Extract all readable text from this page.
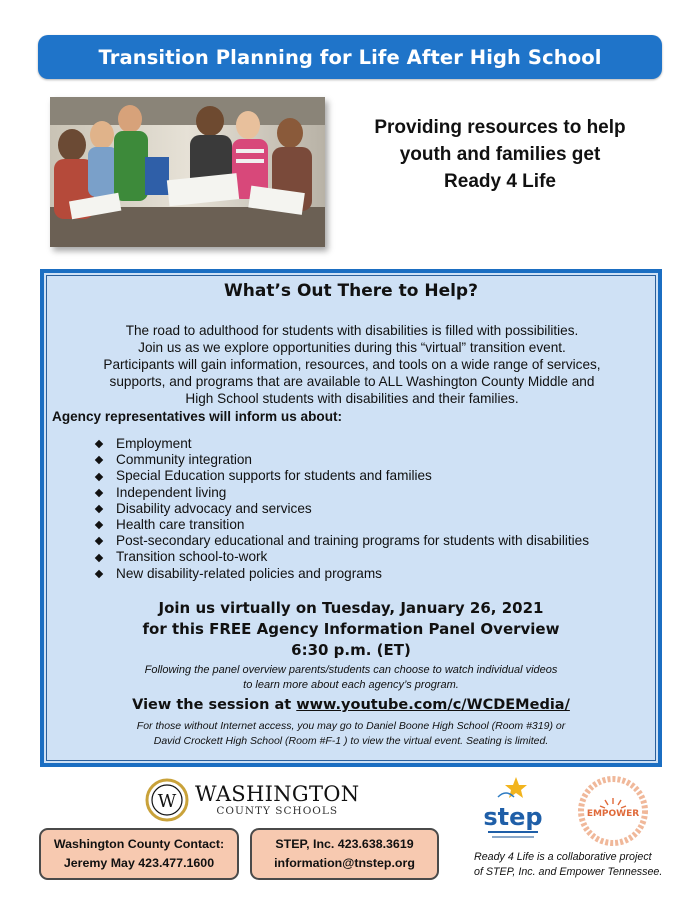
Transition Planning for Life After High School
Providing resources to help
youth and families get
Ready 4 Life
What’s Out There to Help?
The road to adulthood for students with disabilities is filled with possibilities.
Join us as we explore opportunities during this “virtual” transition event.
Participants will gain information, resources, and tools on a wide range of services,
supports, and programs that are available to ALL Washington County Middle and
High School students with disabilities and their families.
Agency representatives will inform us about:
Employment
Community integration
Special Education supports for students and families
Independent living
Disability advocacy and services
Health care transition
Post-secondary educational and training programs for students with disabilities
Transition school-to-work
New disability-related policies and programs
Join us virtually on Tuesday, January 26, 2021
for this FREE Agency Information Panel Overview
6:30 p.m. (ET)
Following the panel overview parents/students can choose to watch individual videos
to learn more about each agency’s program.
View the session at www.youtube.com/c/WCDEMedia/
For those without Internet access, you may go to Daniel Boone High School (Room #319) or
David Crockett High School (Room #F-1 ) to view the virtual event. Seating is limited.
W WASHINGTON
COUNTY SCHOOLS
Washington County Contact:
Jeremy May 423.477.1600
STEP, Inc. 423.638.3619
information@tnstep.org
step	EMPOWER
Ready 4 Life is a collaborative project
of STEP, Inc. and Empower Tennessee.
